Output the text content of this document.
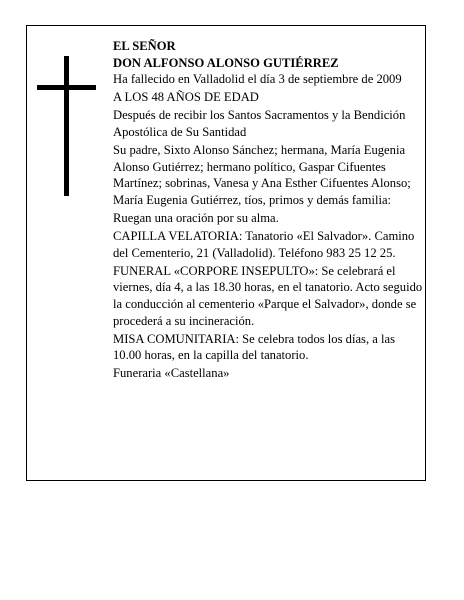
EL SEÑOR

DON ALFONSO ALONSO GUTIÉRREZ

Ha fallecido en Valladolid el día 3 de septiembre de 2009

A LOS 48 AÑOS DE EDAD

Después de recibir los Santos Sacramentos y la Bendición Apostólica de Su Santidad

Su padre, Sixto Alonso Sánchez; hermana, María Eugenia Alonso Gutiérrez; hermano político, Gaspar Cifuentes Martínez; sobrinas, Vanesa y Ana Esther Cifuentes Alonso; María Eugenia Gutiérrez, tíos, primos y demás familia:

Ruegan una oración por su alma.

CAPILLA VELATORIA: Tanatorio «El Salvador». Camino del Cementerio, 21 (Valladolid). Teléfono 983 25 12 25.

FUNERAL «CORPORE INSEPULTO»: Se celebrará el viernes, día 4, a las 18.30 horas, en el tanatorio. Acto seguido la conducción al cementerio «Parque el Salvador», donde se procederá a su incineración.

MISA COMUNITARIA: Se celebra todos los días, a las 10.00 horas, en la capilla del tanatorio.

Funeraria «Castellana»
